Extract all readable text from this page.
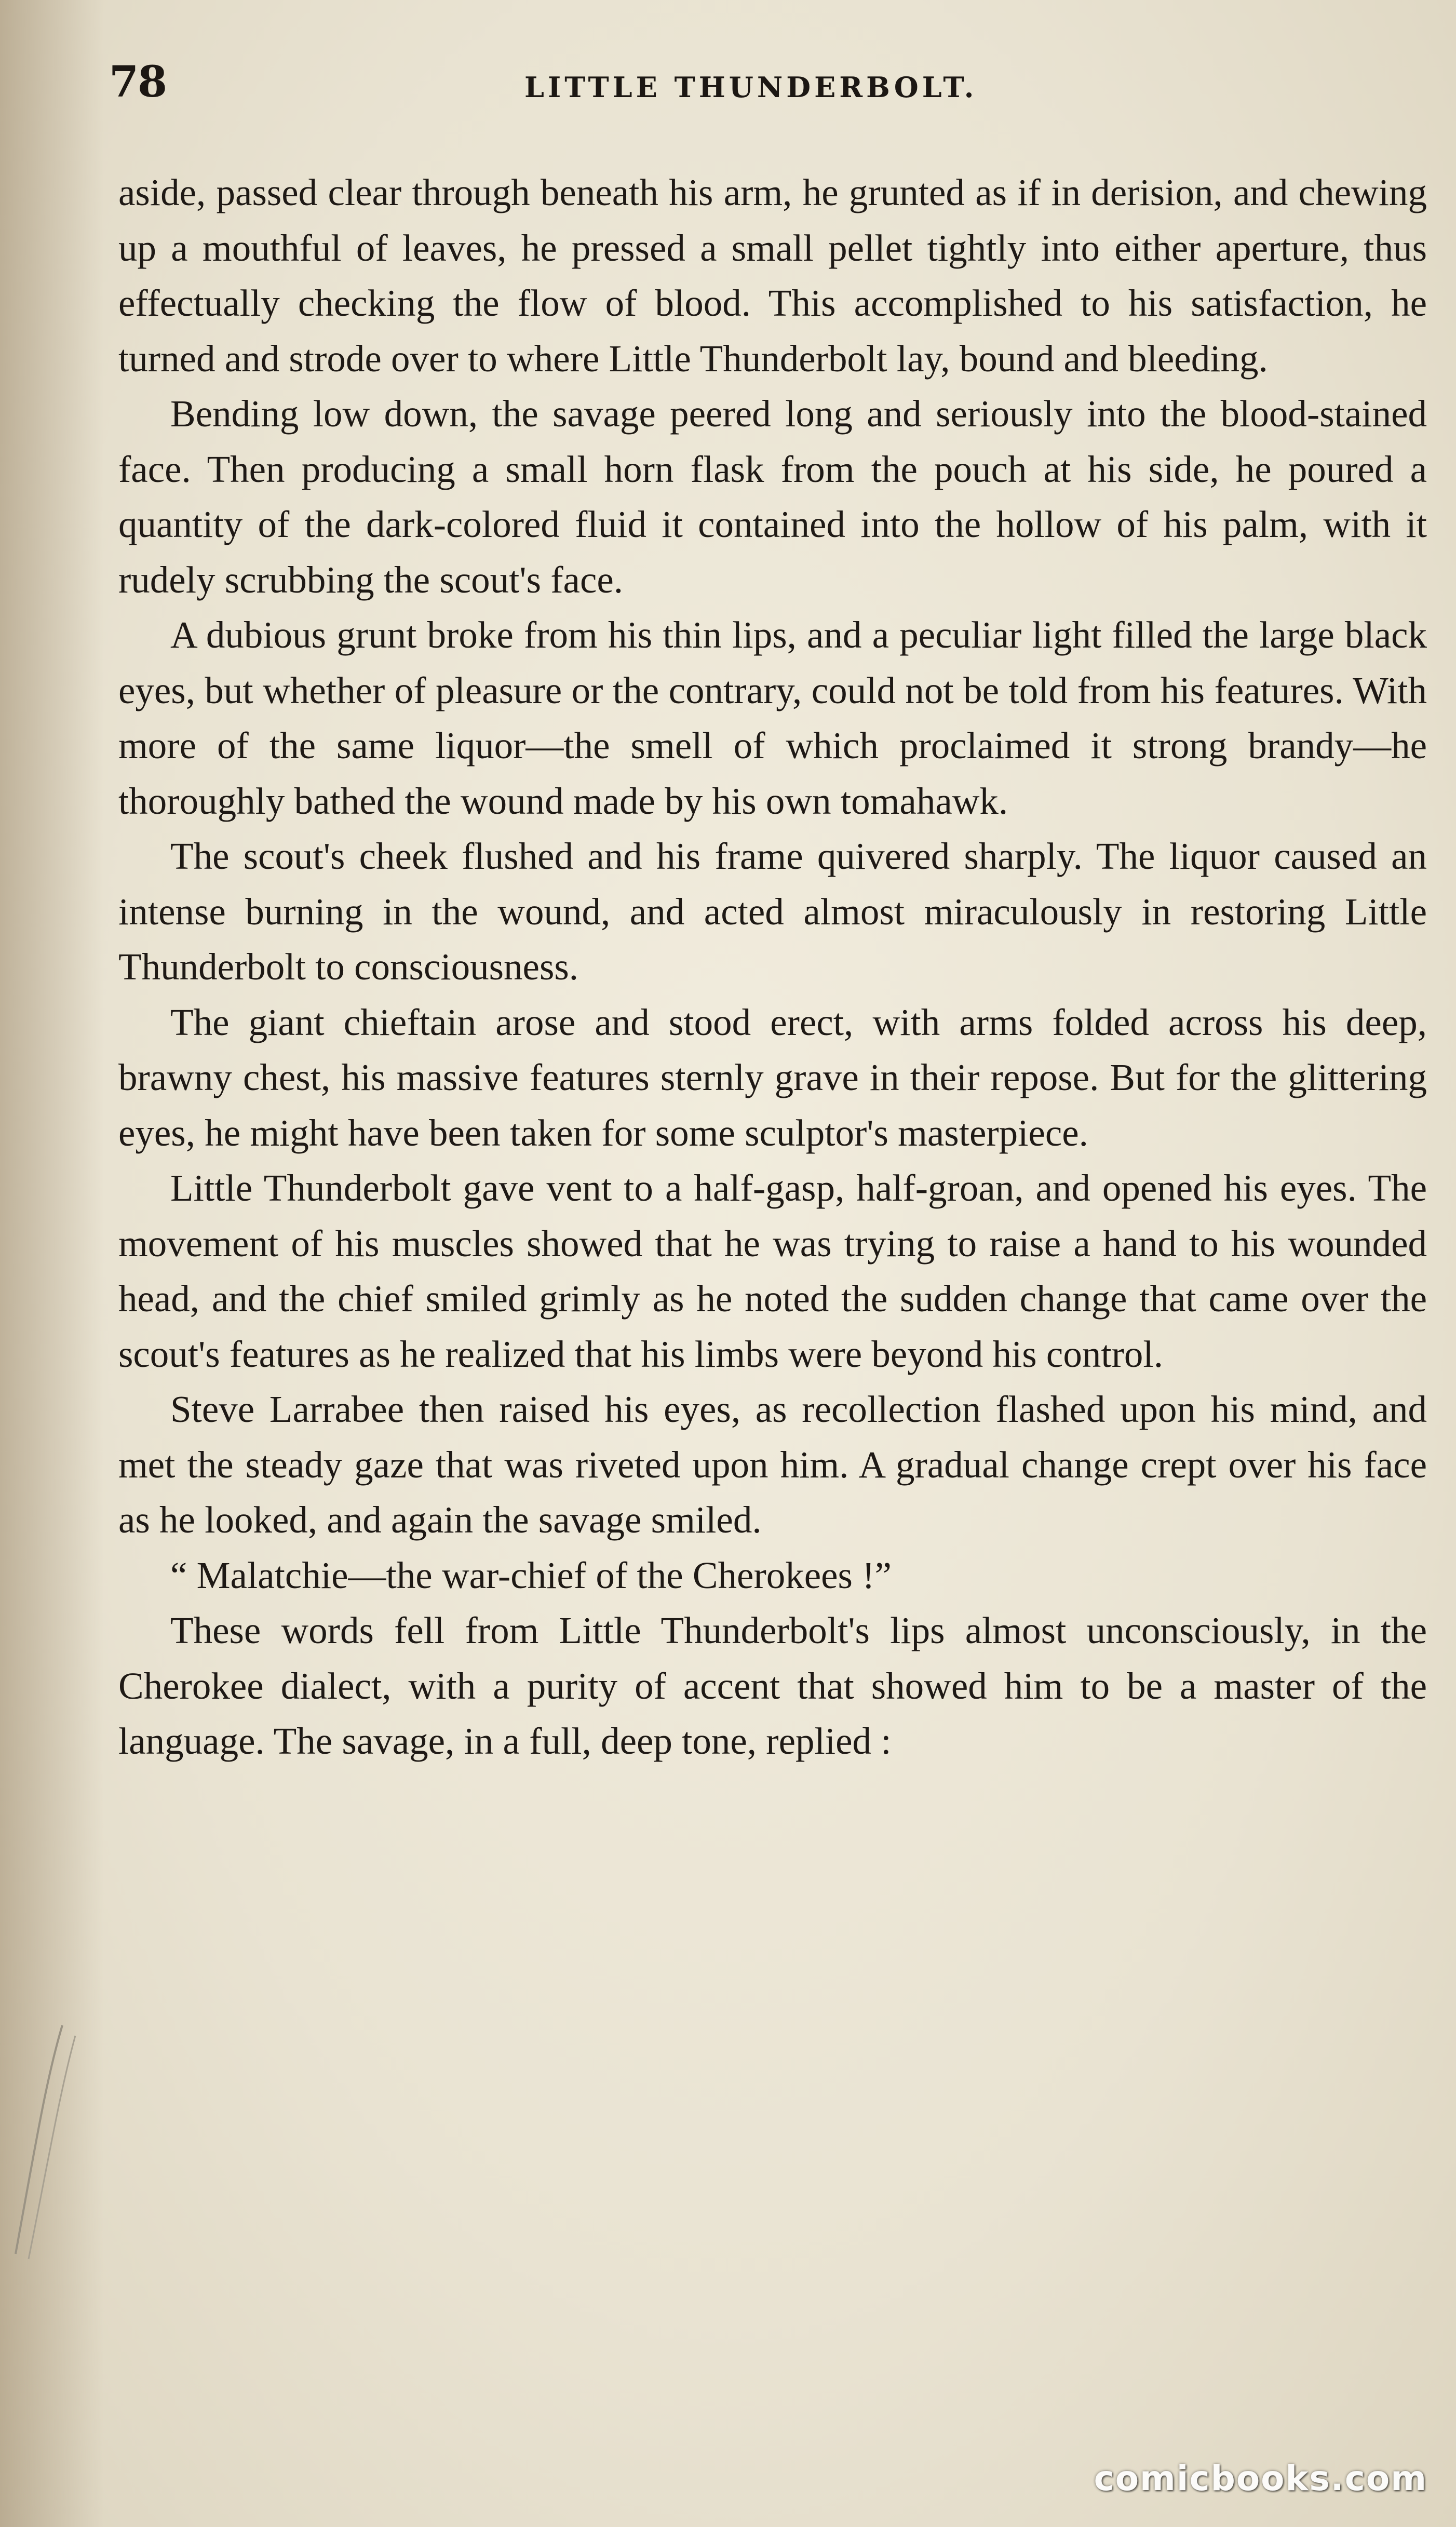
78	LITTLE THUNDERBOLT.

aside, passed clear through beneath his arm, he grunted as if in derision, and chewing up a mouthful of leaves, he pressed a small pellet tightly into either aperture, thus effectually checking the flow of blood. This accomplished to his satisfaction, he turned and strode over to where Little Thunderbolt lay, bound and bleeding.

Bending low down, the savage peered long and seriously into the blood-stained face. Then producing a small horn flask from the pouch at his side, he poured a quantity of the dark-colored fluid it contained into the hollow of his palm, with it rudely scrubbing the scout's face.

A dubious grunt broke from his thin lips, and a peculiar light filled the large black eyes, but whether of pleasure or the contrary, could not be told from his features. With more of the same liquor—the smell of which proclaimed it strong brandy—he thoroughly bathed the wound made by his own tomahawk.

The scout's cheek flushed and his frame quivered sharply. The liquor caused an intense burning in the wound, and acted almost miraculously in restoring Little Thunderbolt to consciousness.

The giant chieftain arose and stood erect, with arms folded across his deep, brawny chest, his massive features sternly grave in their repose. But for the glittering eyes, he might have been taken for some sculptor's masterpiece.

Little Thunderbolt gave vent to a half-gasp, half-groan, and opened his eyes. The movement of his muscles showed that he was trying to raise a hand to his wounded head, and the chief smiled grimly as he noted the sudden change that came over the scout's features as he realized that his limbs were beyond his control.

Steve Larrabee then raised his eyes, as recollection flashed upon his mind, and met the steady gaze that was riveted upon him. A gradual change crept over his face as he looked, and again the savage smiled.

“ Malatchie—the war-chief of the Cherokees !”

These words fell from Little Thunderbolt's lips almost unconsciously, in the Cherokee dialect, with a purity of accent that showed him to be a master of the language. The savage, in a full, deep tone, replied :

comicbooks.com
